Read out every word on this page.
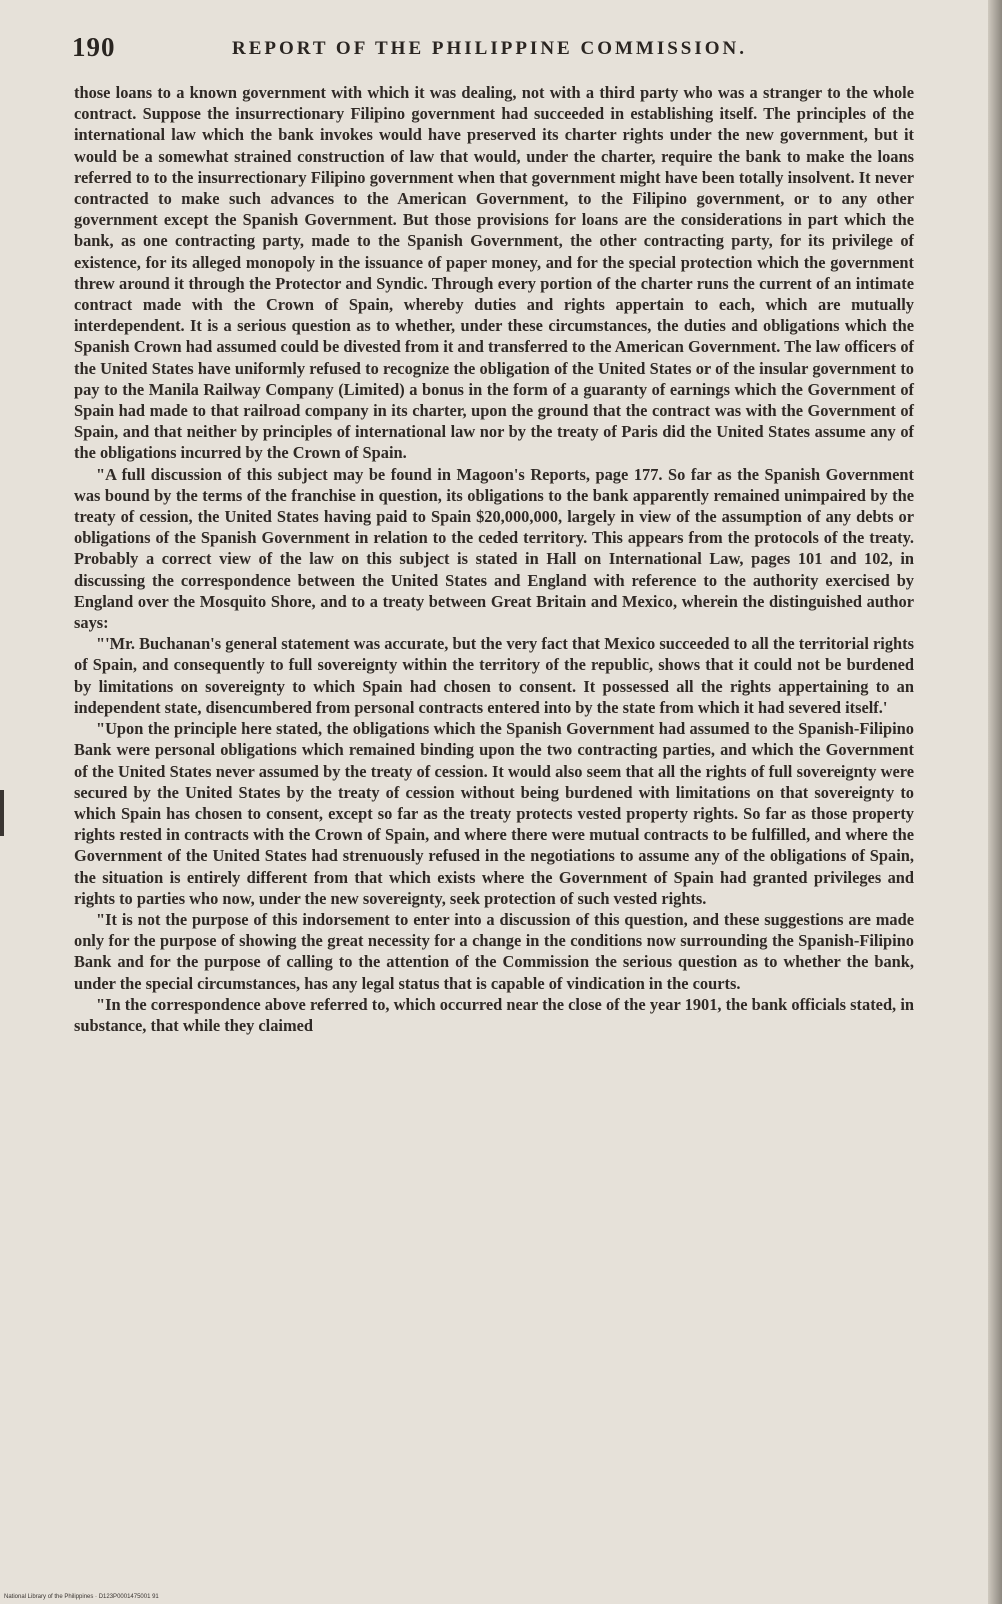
190	REPORT OF THE PHILIPPINE COMMISSION.

those loans to a known government with which it was dealing, not with a third party who was a stranger to the whole contract. Suppose the insurrectionary Filipino government had succeeded in establishing itself. The principles of the international law which the bank invokes would have preserved its charter rights under the new government, but it would be a somewhat strained construction of law that would, under the charter, require the bank to make the loans referred to to the insurrectionary Filipino government when that government might have been totally insolvent. It never contracted to make such advances to the American Government, to the Filipino government, or to any other government except the Spanish Government. But those provisions for loans are the considerations in part which the bank, as one contracting party, made to the Spanish Government, the other contracting party, for its privilege of existence, for its alleged monopoly in the issuance of paper money, and for the special protection which the government threw around it through the Protector and Syndic. Through every portion of the charter runs the current of an intimate contract made with the Crown of Spain, whereby duties and rights appertain to each, which are mutually interdependent. It is a serious question as to whether, under these circumstances, the duties and obligations which the Spanish Crown had assumed could be divested from it and transferred to the American Government. The law officers of the United States have uniformly refused to recognize the obligation of the United States or of the insular government to pay to the Manila Railway Company (Limited) a bonus in the form of a guaranty of earnings which the Government of Spain had made to that railroad company in its charter, upon the ground that the contract was with the Government of Spain, and that neither by principles of international law nor by the treaty of Paris did the United States assume any of the obligations incurred by the Crown of Spain.

"A full discussion of this subject may be found in Magoon's Reports, page 177. So far as the Spanish Government was bound by the terms of the franchise in question, its obligations to the bank apparently remained unimpaired by the treaty of cession, the United States having paid to Spain $20,000,000, largely in view of the assumption of any debts or obligations of the Spanish Government in relation to the ceded territory. This appears from the protocols of the treaty. Probably a correct view of the law on this subject is stated in Hall on International Law, pages 101 and 102, in discussing the correspondence between the United States and England with reference to the authority exercised by England over the Mosquito Shore, and to a treaty between Great Britain and Mexico, wherein the distinguished author says:

"'Mr. Buchanan's general statement was accurate, but the very fact that Mexico succeeded to all the territorial rights of Spain, and consequently to full sovereignty within the territory of the republic, shows that it could not be burdened by limitations on sovereignty to which Spain had chosen to consent. It possessed all the rights appertaining to an independent state, disencumbered from personal contracts entered into by the state from which it had severed itself.'

"Upon the principle here stated, the obligations which the Spanish Government had assumed to the Spanish-Filipino Bank were personal obligations which remained binding upon the two contracting parties, and which the Government of the United States never assumed by the treaty of cession. It would also seem that all the rights of full sovereignty were secured by the United States by the treaty of cession without being burdened with limitations on that sovereignty to which Spain has chosen to consent, except so far as the treaty protects vested property rights. So far as those property rights rested in contracts with the Crown of Spain, and where there were mutual contracts to be fulfilled, and where the Government of the United States had strenuously refused in the negotiations to assume any of the obligations of Spain, the situation is entirely different from that which exists where the Government of Spain had granted privileges and rights to parties who now, under the new sovereignty, seek protection of such vested rights.

"It is not the purpose of this indorsement to enter into a discussion of this question, and these suggestions are made only for the purpose of showing the great necessity for a change in the conditions now surrounding the Spanish-Filipino Bank and for the purpose of calling to the attention of the Commission the serious question as to whether the bank, under the special circumstances, has any legal status that is capable of vindication in the courts.

"In the correspondence above referred to, which occurred near the close of the year 1901, the bank officials stated, in substance, that while they claimed

National Library of the Philippines · D123P0001475001 91
